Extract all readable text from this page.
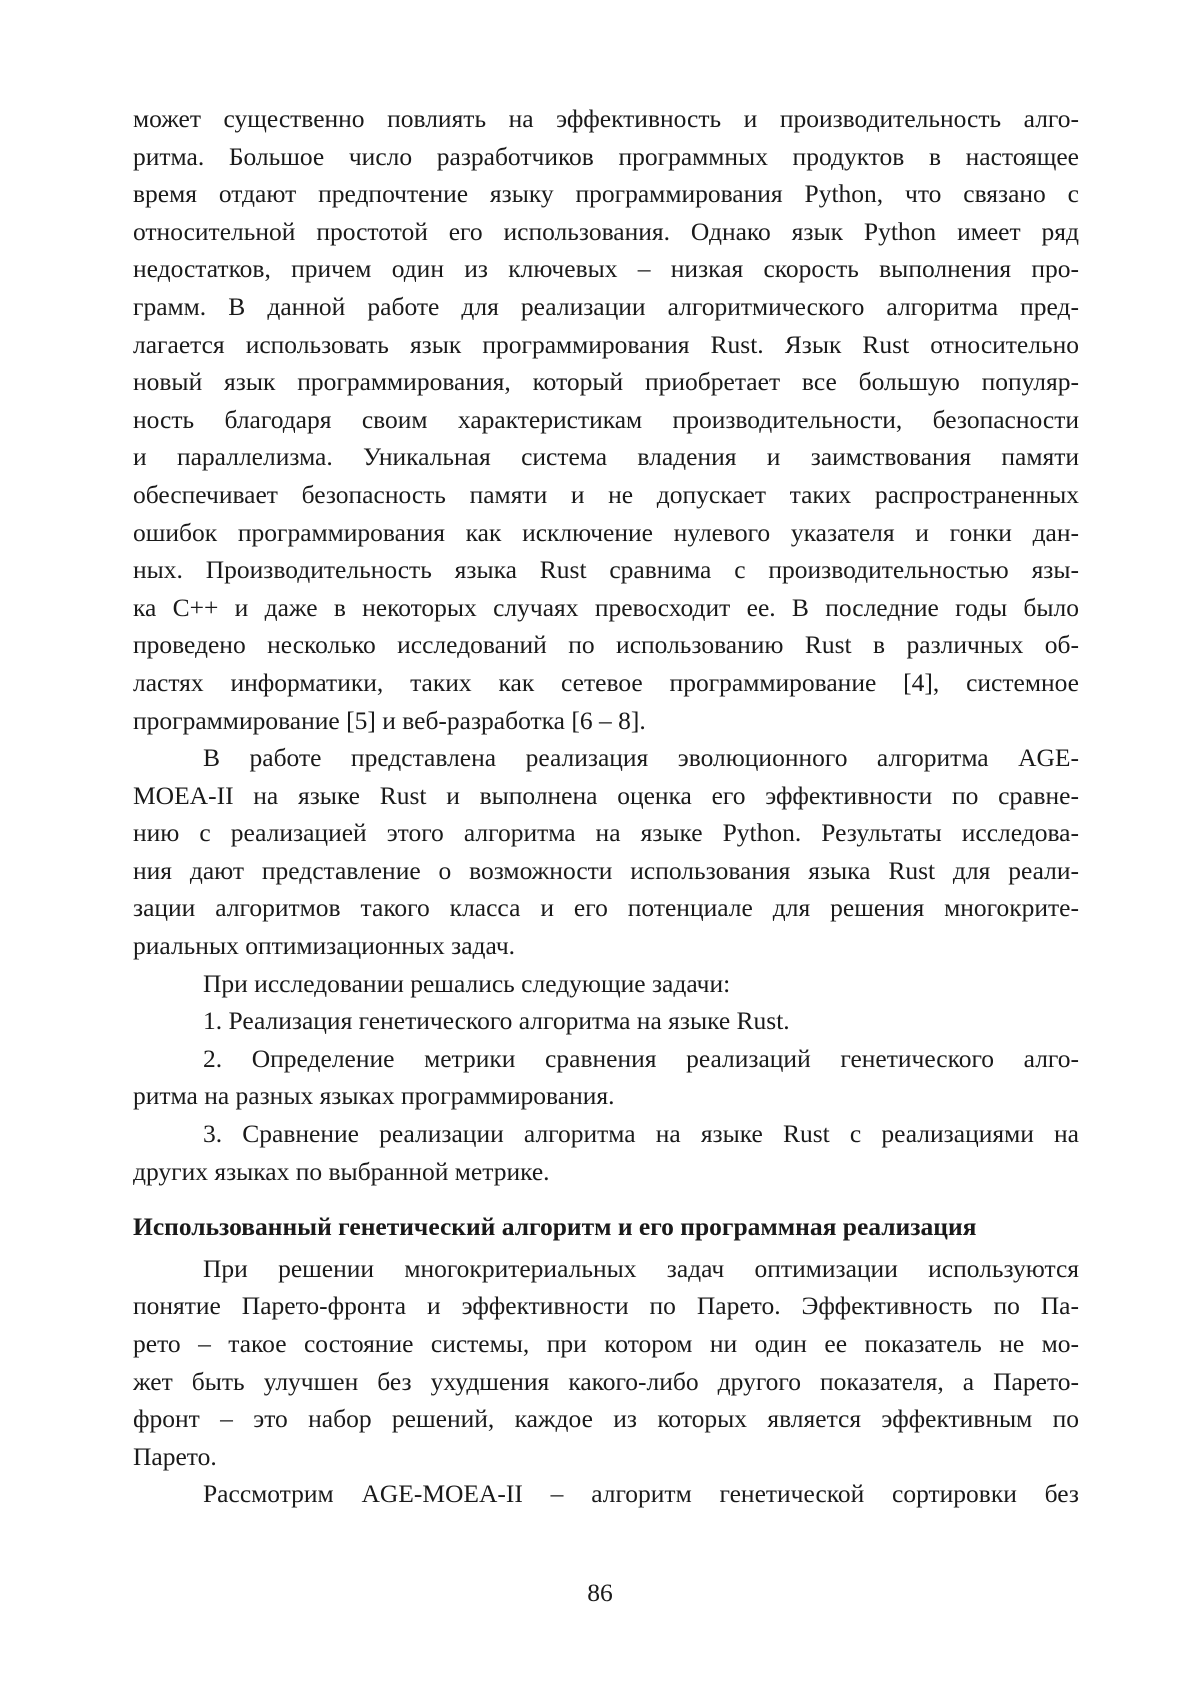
может существенно повлиять на эффективность и производительность алго-

ритма. Большое число разработчиков программных продуктов в настоящее

время отдают предпочтение языку программирования Python, что связано с

относительной простотой его использования. Однако язык Python имеет ряд

недостатков, причем один из ключевых – низкая скорость выполнения про-

грамм. В данной работе для реализации алгоритмического алгоритма пред-

лагается использовать язык программирования Rust. Язык Rust относительно

новый язык программирования, который приобретает все большую популяр-

ность благодаря своим характеристикам производительности, безопасности

и параллелизма. Уникальная система владения и заимствования памяти

обеспечивает безопасность памяти и не допускает таких распространенных

ошибок программирования как исключение нулевого указателя и гонки дан-

ных. Производительность языка Rust сравнима с производительностью язы-

ка C++ и даже в некоторых случаях превосходит ее. В последние годы было

проведено несколько исследований по использованию Rust в различных об-

ластях информатики, таких как сетевое программирование [4], системное

программирование [5] и веб-разработка [6 – 8].

В работе представлена реализация эволюционного алгоритма AGE-

MOEA-II на языке Rust и выполнена оценка его эффективности по сравне-

нию с реализацией этого алгоритма на языке Python. Результаты исследова-

ния дают представление о возможности использования языка Rust для реали-

зации алгоритмов такого класса и его потенциале для решения многокрите-

риальных оптимизационных задач.

При исследовании решались следующие задачи:

1. Реализация генетического алгоритма на языке Rust.

2. Определение метрики сравнения реализаций генетического алго-

ритма на разных языках программирования.

3. Сравнение реализации алгоритма на языке Rust с реализациями на

других языках по выбранной метрике.

Использованный генетический алгоритм и его программная реализация

При решении многокритериальных задач оптимизации используются

понятие Парето-фронта и эффективности по Парето. Эффективность по Па-

рето – такое состояние системы, при котором ни один ее показатель не мо-

жет быть улучшен без ухудшения какого-либо другого показателя, а Парето-

фронт – это набор решений, каждое из которых является эффективным по

Парето.

Рассмотрим AGE-MOEA-II – алгоритм генетической сортировки без

86
